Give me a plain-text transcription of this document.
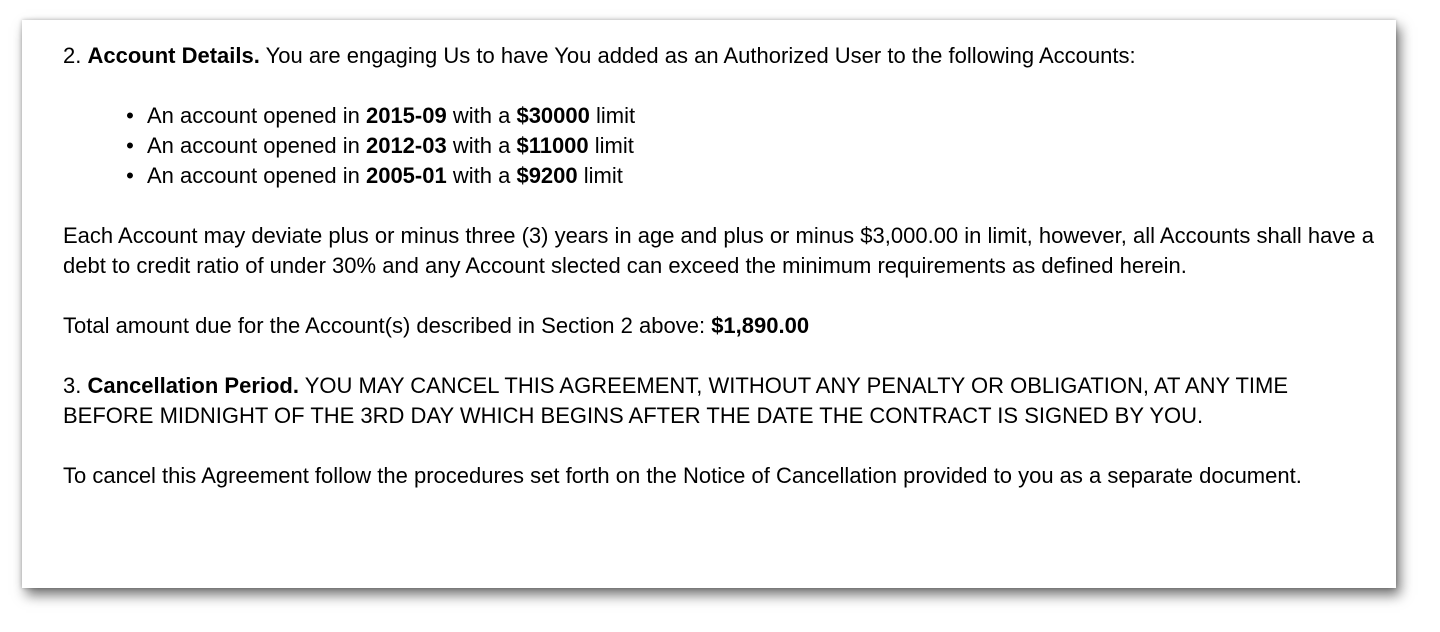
2. Account Details. You are engaging Us to have You added as an Authorized User to the following Accounts:

• An account opened in 2015-09 with a $30000 limit
• An account opened in 2012-03 with a $11000 limit
• An account opened in 2005-01 with a $9200 limit

Each Account may deviate plus or minus three (3) years in age and plus or minus $3,000.00 in limit, however, all Accounts shall have a debt to credit ratio of under 30% and any Account slected can exceed the minimum requirements as defined herein.

Total amount due for the Account(s) described in Section 2 above: $1,890.00

3. Cancellation Period. YOU MAY CANCEL THIS AGREEMENT, WITHOUT ANY PENALTY OR OBLIGATION, AT ANY TIME BEFORE MIDNIGHT OF THE 3RD DAY WHICH BEGINS AFTER THE DATE THE CONTRACT IS SIGNED BY YOU.

To cancel this Agreement follow the procedures set forth on the Notice of Cancellation provided to you as a separate document.
